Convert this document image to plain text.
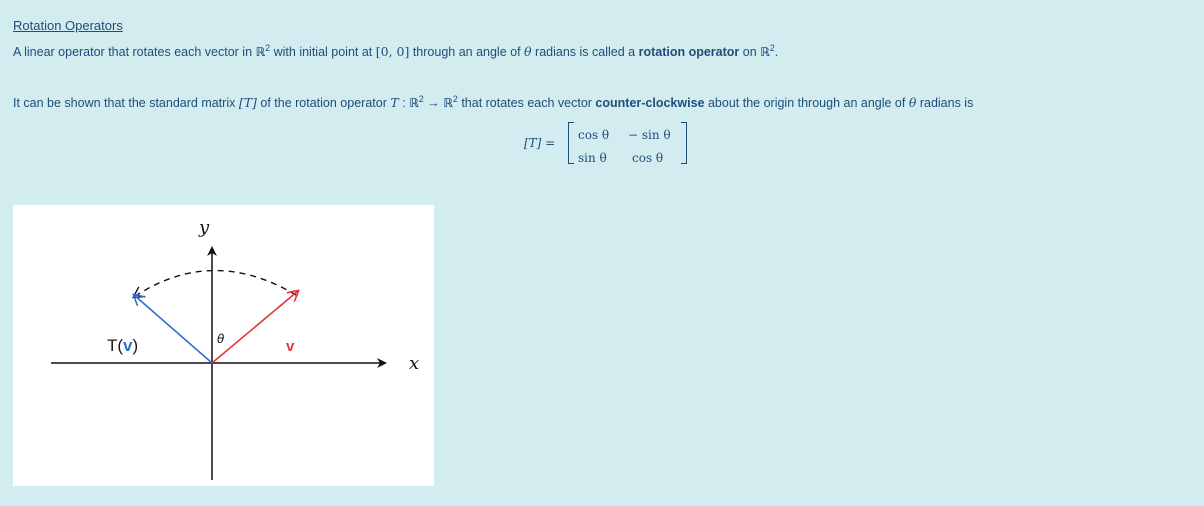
Rotation Operators
A linear operator that rotates each vector in ℝ$^2$ with initial point at [0, 0] through an angle of θ radians is called a rotation operator on ℝ$^2$.
It can be shown that the standard matrix [T] of the rotation operator T : ℝ$^2$ → ℝ$^2$ that rotates each vector counter-clockwise about the origin through an angle of θ radians is
[T] =
cos θ − sin θ
sin θ cos θ
y
x
θ	v
T(v)
